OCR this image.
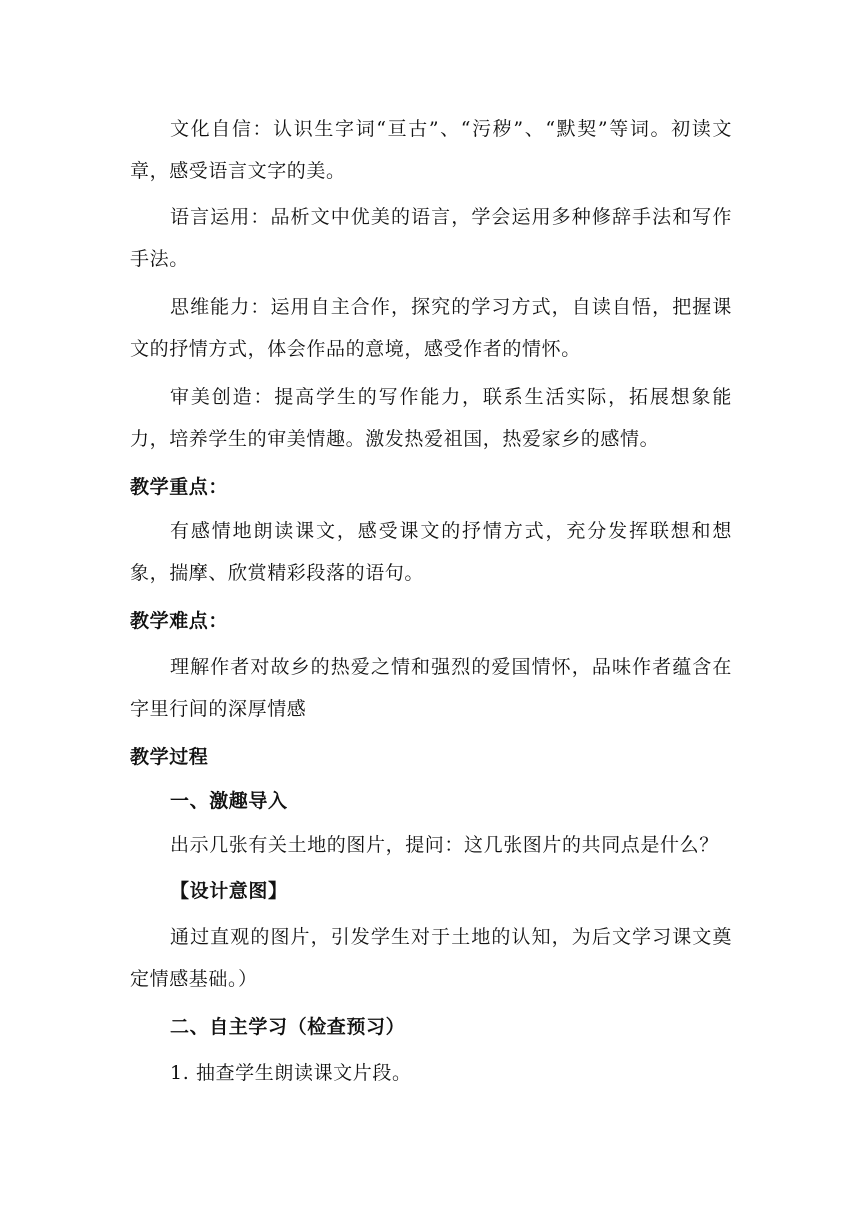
文化自信：认识生字词“亘古”、“污秽”、“默契”等词。初读文章，感受语言文字的美。

语言运用：品析文中优美的语言，学会运用多种修辞手法和写作手法。

思维能力：运用自主合作，探究的学习方式，自读自悟，把握课文的抒情方式，体会作品的意境，感受作者的情怀。

审美创造：提高学生的写作能力，联系生活实际，拓展想象能力，培养学生的审美情趣。激发热爱祖国，热爱家乡的感情。

教学重点：

有感情地朗读课文，感受课文的抒情方式，充分发挥联想和想象，揣摩、欣赏精彩段落的语句。

教学难点：

理解作者对故乡的热爱之情和强烈的爱国情怀，品味作者蕴含在字里行间的深厚情感

教学过程

一、激趣导入

出示几张有关土地的图片，提问：这几张图片的共同点是什么？

【设计意图】

通过直观的图片，引发学生对于土地的认知，为后文学习课文奠定情感基础。）

二、自主学习（检查预习）

1. 抽查学生朗读课文片段。
